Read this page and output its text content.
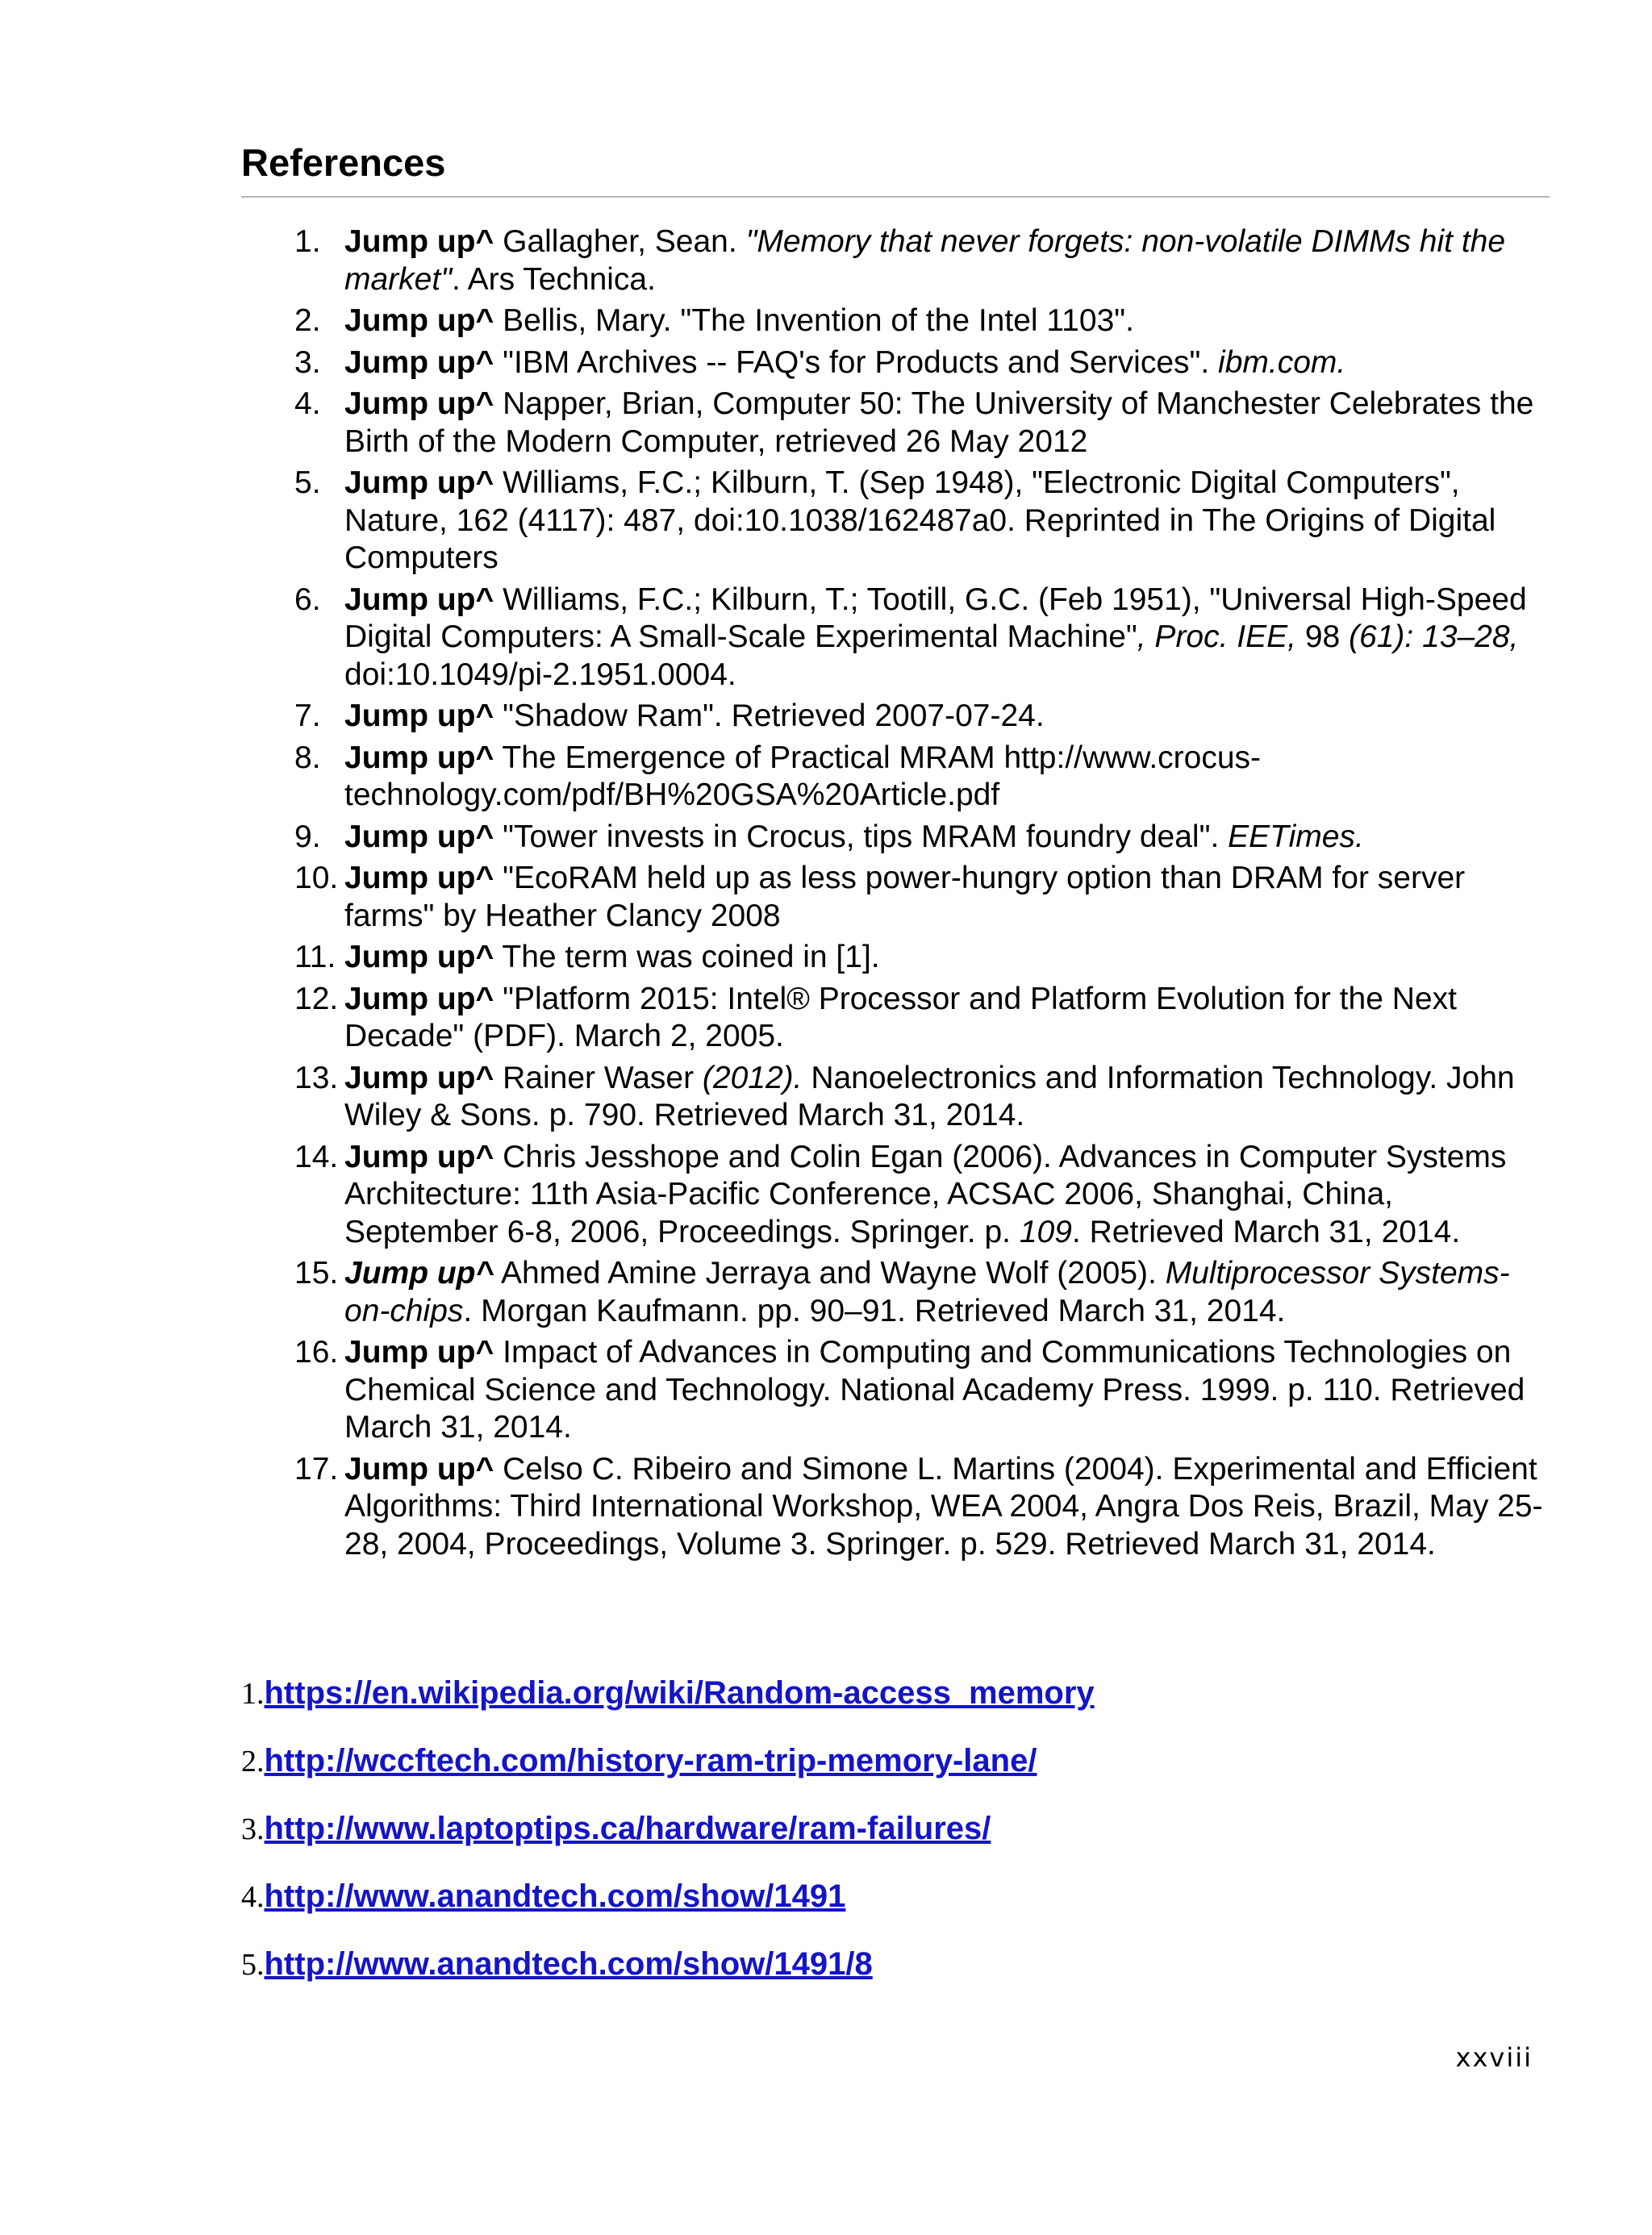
References
1. Jump up^ Gallagher, Sean. "Memory that never forgets: non-volatile DIMMs hit the market". Ars Technica.
2. Jump up^ Bellis, Mary. "The Invention of the Intel 1103".
3. Jump up^ "IBM Archives -- FAQ's for Products and Services". ibm.com.
4. Jump up^ Napper, Brian, Computer 50: The University of Manchester Celebrates the Birth of the Modern Computer, retrieved 26 May 2012
5. Jump up^ Williams, F.C.; Kilburn, T. (Sep 1948), "Electronic Digital Computers", Nature, 162 (4117): 487, doi:10.1038/162487a0. Reprinted in The Origins of Digital Computers
6. Jump up^ Williams, F.C.; Kilburn, T.; Tootill, G.C. (Feb 1951), "Universal High-Speed Digital Computers: A Small-Scale Experimental Machine", Proc. IEE, 98 (61): 13–28, doi:10.1049/pi-2.1951.0004.
7. Jump up^ "Shadow Ram". Retrieved 2007-07-24.
8. Jump up^ The Emergence of Practical MRAM http://www.crocus-technology.com/pdf/BH%20GSA%20Article.pdf
9. Jump up^ "Tower invests in Crocus, tips MRAM foundry deal". EETimes.
10. Jump up^ "EcoRAM held up as less power-hungry option than DRAM for server farms" by Heather Clancy 2008
11. Jump up^ The term was coined in [1].
12. Jump up^ "Platform 2015: Intel® Processor and Platform Evolution for the Next Decade" (PDF). March 2, 2005.
13. Jump up^ Rainer Waser (2012). Nanoelectronics and Information Technology. John Wiley & Sons. p. 790. Retrieved March 31, 2014.
14. Jump up^ Chris Jesshope and Colin Egan (2006). Advances in Computer Systems Architecture: 11th Asia-Pacific Conference, ACSAC 2006, Shanghai, China, September 6-8, 2006, Proceedings. Springer. p. 109. Retrieved March 31, 2014.
15. Jump up^ Ahmed Amine Jerraya and Wayne Wolf (2005). Multiprocessor Systems-on-chips. Morgan Kaufmann. pp. 90–91. Retrieved March 31, 2014.
16. Jump up^ Impact of Advances in Computing and Communications Technologies on Chemical Science and Technology. National Academy Press. 1999. p. 110. Retrieved March 31, 2014.
17. Jump up^ Celso C. Ribeiro and Simone L. Martins (2004). Experimental and Efficient Algorithms: Third International Workshop, WEA 2004, Angra Dos Reis, Brazil, May 25-28, 2004, Proceedings, Volume 3. Springer. p. 529. Retrieved March 31, 2014.
1.https://en.wikipedia.org/wiki/Random-access_memory
2.http://wccftech.com/history-ram-trip-memory-lane/
3.http://www.laptoptips.ca/hardware/ram-failures/
4.http://www.anandtech.com/show/1491
5.http://www.anandtech.com/show/1491/8
xxviii
